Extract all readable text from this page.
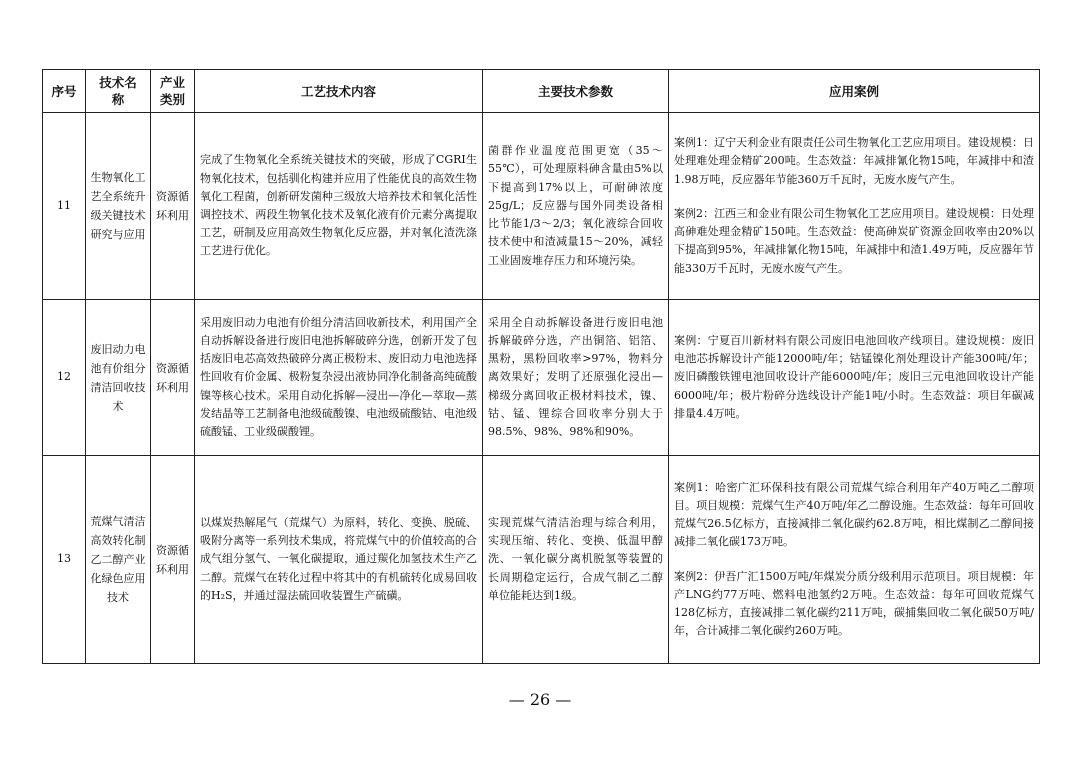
序号	技术名称	产业类别	工艺技术内容	主要技术参数	应用案例
11	生物氧化工艺全系统升级关键技术研究与应用	资源循环利用	完成了生物氧化全系统关键技术的突破，形成了CGRI生物氧化技术，包括驯化构建并应用了性能优良的高效生物氧化工程菌，创新研发菌种三级放大培养技术和氧化活性调控技术、两段生物氧化技术及氧化液有价元素分离提取工艺，研制及应用高效生物氧化反应器，并对氧化渣洗涤工艺进行优化。	菌群作业温度范围更宽（35～55℃），可处理原料砷含量由5%以下提高到17%以上，可耐砷浓度25g/L；反应器与国外同类设备相比节能1/3～2/3；氧化液综合回收技术使中和渣减量15～20%，减轻工业固废堆存压力和环境污染。	案例1：辽宁天利金业有限责任公司生物氧化工艺应用项目。建设规模：日处理难处理金精矿200吨。生态效益：年减排氰化物15吨，年减排中和渣1.98万吨，反应器年节能360万千瓦时，无废水废气产生。

案例2：江西三和金业有限公司生物氧化工艺应用项目。建设规模：日处理高砷难处理金精矿150吨。生态效益：使高砷炭矿资源金回收率由20%以下提高到95%，年减排氰化物15吨，年减排中和渣1.49万吨，反应器年节能330万千瓦时，无废水废气产生。

12	废旧动力电池有价组分清洁回收技术	资源循环利用	采用废旧动力电池有价组分清洁回收新技术，利用国产全自动拆解设备进行废旧电池拆解破碎分选，创新开发了包括废旧电芯高效热破碎分离正极粉末、废旧动力电池选择性回收有价金属、极粉复杂浸出液协同净化制备高纯硫酸镍等核心技术。采用自动化拆解—浸出—净化—萃取—蒸发结晶等工艺制备电池级硫酸镍、电池级硫酸钴、电池级硫酸锰、工业级碳酸锂。	采用全自动拆解设备进行废旧电池拆解破碎分选，产出铜箔、铝箔、黑粉，黑粉回收率>97%，物料分离效果好；发明了还原强化浸出—梯级分离回收正极材料技术，镍、钴、锰、锂综合回收率分别大于98.5%、98%、98%和90%。	案例：宁夏百川新材料有限公司废旧电池回收产线项目。建设规模：废旧电池芯拆解设计产能12000吨/年；钴锰镍化剂处理设计产能300吨/年；废旧磷酸铁锂电池回收设计产能6000吨/年；废旧三元电池回收设计产能6000吨/年；极片粉碎分选线设计产能1吨/小时。生态效益：项目年碳减排量4.4万吨。

13	荒煤气清洁高效转化制乙二醇产业化绿色应用技术	资源循环利用	以煤炭热解尾气（荒煤气）为原料，转化、变换、脱硫、吸附分离等一系列技术集成，将荒煤气中的价值较高的合成气组分氢气、一氧化碳提取，通过羰化加氢技术生产乙二醇。荒煤气在转化过程中将其中的有机硫转化成易回收的H₂S，并通过湿法硫回收装置生产硫磺。	实现荒煤气清洁治理与综合利用，实现压缩、转化、变换、低温甲醇洗、一氧化碳分离机脱氢等装置的长周期稳定运行，合成气制乙二醇单位能耗达到1级。	案例1：哈密广汇环保科技有限公司荒煤气综合利用年产40万吨乙二醇项目。项目规模：荒煤气生产40万吨/年乙二醇设施。生态效益：每年可回收荒煤气26.5亿标方，直接减排二氧化碳约62.8万吨，相比煤制乙二醇间接减排二氧化碳173万吨。

案例2：伊吾广汇1500万吨/年煤炭分质分级利用示范项目。项目规模：年产LNG约77万吨、燃料电池氢约2万吨。生态效益：每年可回收荒煤气128亿标方，直接减排二氧化碳约211万吨，碳捕集回收二氧化碳50万吨/年，合计减排二氧化碳约260万吨。

— 26 —
